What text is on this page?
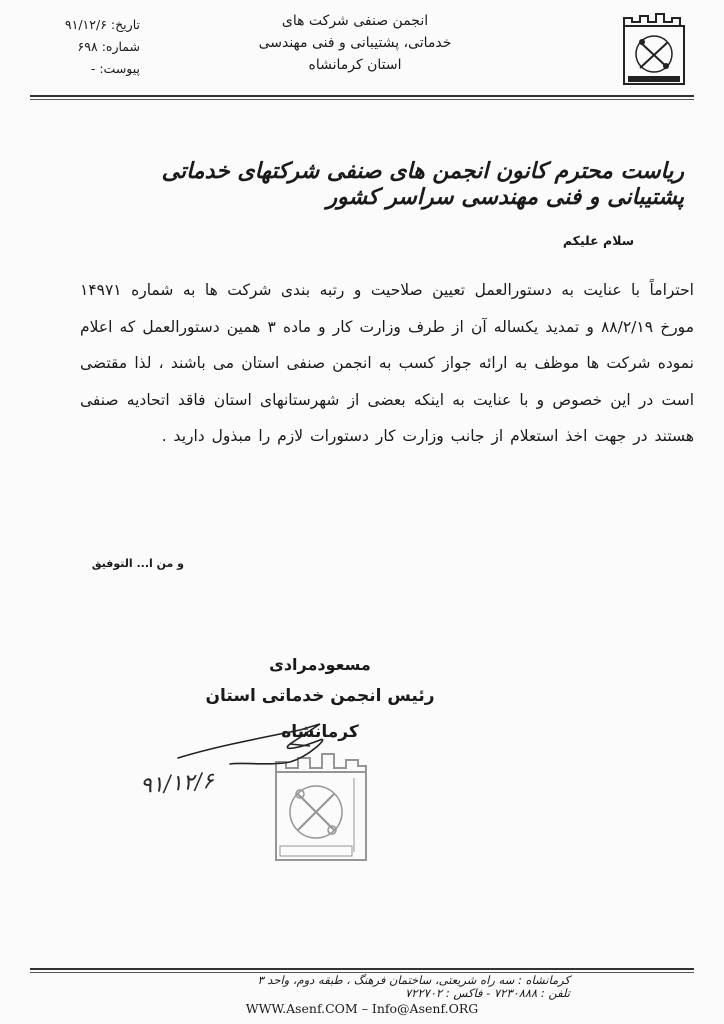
انجمن صنفی شرکت های
خدماتی، پشتیبانی و فنی مهندسی
استان کرمانشاه
تاریخ: ۹۱/۱۲/۶
شماره: ۶۹۸
پیوست: -
ریاست محترم کانون انجمن های صنفی شرکتهای خدماتی پشتیبانی و فنی مهندسی سراسر کشور
سلام علیکم
احتراماً با عنایت به دستورالعمل تعیین صلاحیت و رتبه بندی شرکت ها به شماره ۱۴۹۷۱ مورخ ۸۸/۲/۱۹ و تمدید یکساله آن از طرف وزارت کار و ماده ۳ همین دستورالعمل که اعلام نموده شرکت ها موظف به ارائه جواز کسب به انجمن صنفی استان می باشند ، لذا مقتضی است در این خصوص و با عنایت به اینکه بعضی از شهرستانهای استان فاقد اتحادیه صنفی هستند در جهت اخذ استعلام از جانب وزارت کار دستورات لازم را مبذول دارید .
و من ا... التوفیق
مسعودمرادی
رئیس انجمن خدماتی استان کرمانشاه
۹۱/۱۲/۶
کرمانشاه : سه راه شریعتی، ساختمان فرهنگ ، طبقه دوم، واحد ۳
تلفن : ۷۲۳۰۸۸۸ - فاکس : ۷۲۲۷۰۲
WWW.Asenf.COM – Info@Asenf.ORG
